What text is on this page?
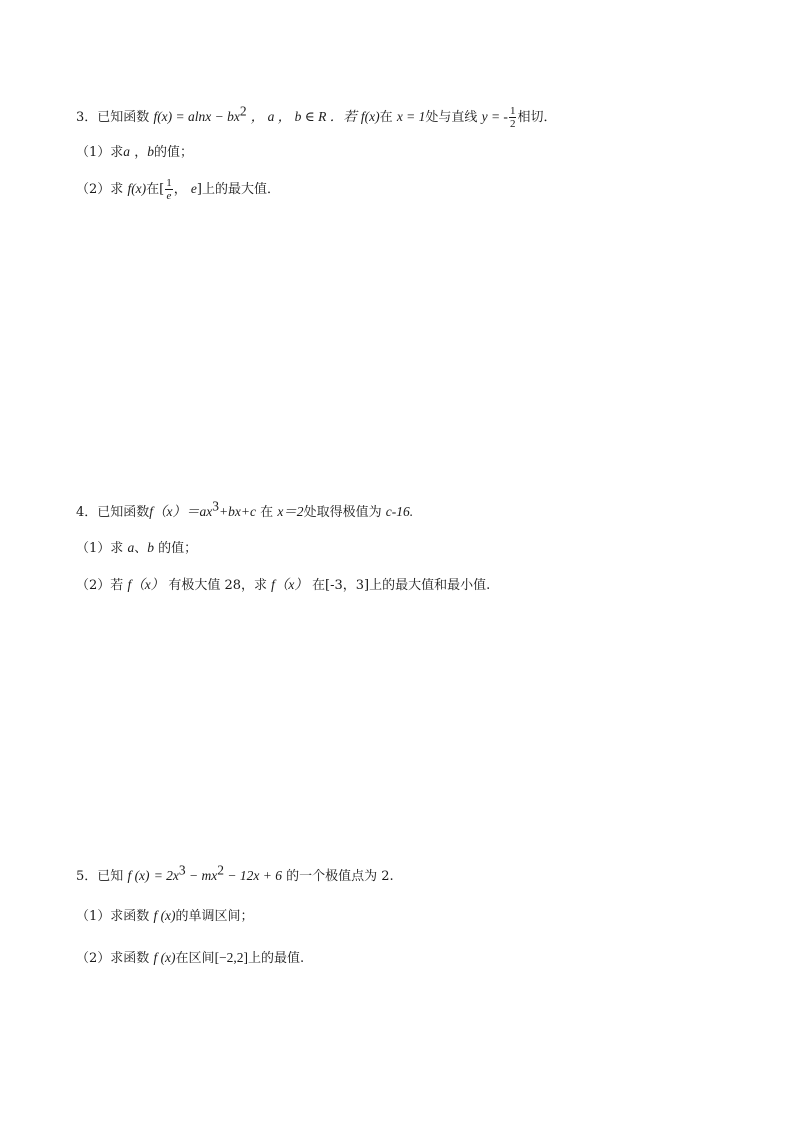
3．已知函数 $f(x) = alnx - bx^2$ ， a ， b ∈ R ．若 f(x)在 x = 1处与直线 y = - $\frac{1}{2}$ 相切．
（1）求a ，b的值；
（2）求 f(x)在[ $\frac{1}{e}$ ， e]上的最大值．
4．已知函数$f(x)=ax^3+bx+c$ 在 x＝2处取得极值为 c-16.
（1）求 a、b 的值；
（2）若 f（x） 有极大值 28，求 f（x） 在[-3，3]上的最大值和最小值.
5．已知 f $(x) = 2x^3 - mx^2 - 12x + 6$ 的一个极值点为 2.
（1）求函数 f (x)的单调区间；
（2）求函数 f (x)在区间[−2,2]上的最值.
